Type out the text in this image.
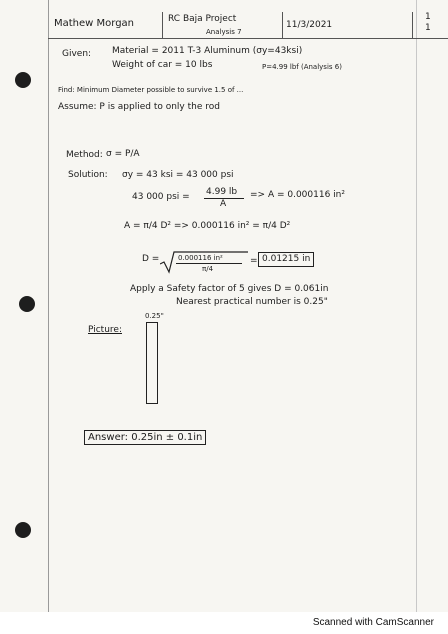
Mathew Morgan	RC Baja Project
Analysis 7
11/3/2021
1
1
Given: Material = 2011 T-3 Aluminum (σy=43ksi)
Weight of car = 10 lbs	P=4.99 lbf (Analysis 6)
Find: Minimum Diameter possible to survive 1.5 of ...
Assume: P is applied to only the rod
Method: σ = P/A
Solution: σy = 43 ksi = 43 000 psi
43 000 psi = 4.99 lb
A
=> A = 0.000116 in²
A = π/4 D² => 0.000116 in² = π/4 D²
D =	0.000116 in²
π/4
= 0.01215 in
Apply a Safety factor of 5 gives D = 0.061in
Nearest practical number is 0.25"
Picture:
0.25"
Answer: 0.25in ± 0.1in
Scanned with CamScanner
